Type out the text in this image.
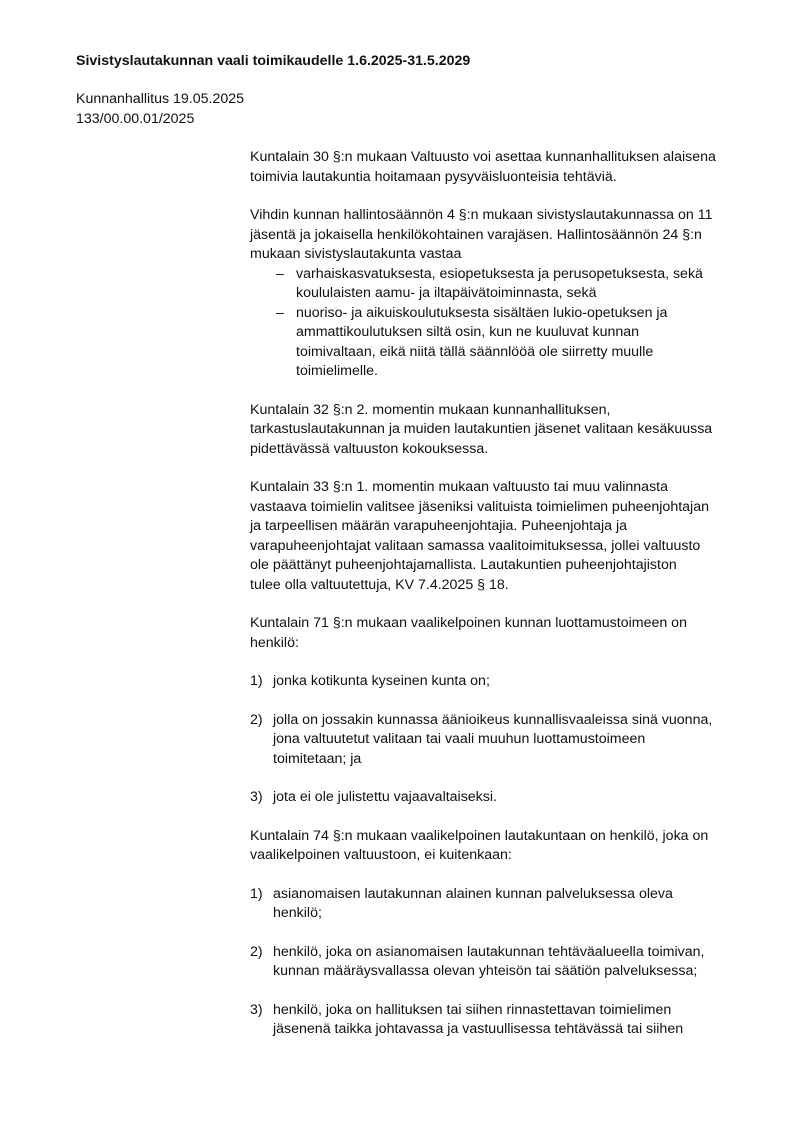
Sivistyslautakunnan vaali toimikaudelle 1.6.2025-31.5.2029
Kunnanhallitus 19.05.2025
133/00.00.01/2025
Kuntalain 30 §:n mukaan Valtuusto voi asettaa kunnanhallituksen alaisena
toimivia lautakuntia hoitamaan pysyväisluonteisia tehtäviä.
Vihdin kunnan hallintosäännön 4 §:n mukaan sivistyslautakunnassa on 11
jäsentä ja jokaisella henkilökohtainen varajäsen. Hallintosäännön 24 §:n
mukaan sivistyslautakunta vastaa
– varhaiskasvatuksesta, esiopetuksesta ja perusopetuksesta, sekä
koululaisten aamu- ja iltapäivätoiminnasta, sekä
– nuoriso- ja aikuiskoulutuksesta sisältäen lukio-opetuksen ja
ammattikoulutuksen siltä osin, kun ne kuuluvat kunnan
toimivaltaan, eikä niitä tällä säännlööä ole siirretty muulle
toimielimelle.
Kuntalain 32 §:n 2. momentin mukaan kunnanhallituksen,
tarkastuslautakunnan ja muiden lautakuntien jäsenet valitaan kesäkuussa
pidettävässä valtuuston kokouksessa.
Kuntalain 33 §:n 1. momentin mukaan valtuusto tai muu valinnasta
vastaava toimielin valitsee jäseniksi valituista toimielimen puheenjohtajan
ja tarpeellisen määrän varapuheenjohtajia. Puheenjohtaja ja
varapuheenjohtajat valitaan samassa vaalitoimituksessa, jollei valtuusto
ole päättänyt puheenjohtajamallista. Lautakuntien puheenjohtajiston
tulee olla valtuutettuja, KV 7.4.2025 § 18.
Kuntalain 71 §:n mukaan vaalikelpoinen kunnan luottamustoimeen on
henkilö:
1) jonka kotikunta kyseinen kunta on;
2) jolla on jossakin kunnassa äänioikeus kunnallisvaaleissa sinä vuonna,
jona valtuutetut valitaan tai vaali muuhun luottamustoimeen
toimitetaan; ja
3) jota ei ole julistettu vajaavaltaiseksi.
Kuntalain 74 §:n mukaan vaalikelpoinen lautakuntaan on henkilö, joka on
vaalikelpoinen valtuustoon, ei kuitenkaan:
1) asianomaisen lautakunnan alainen kunnan palveluksessa oleva
henkilö;
2) henkilö, joka on asianomaisen lautakunnan tehtäväalueella toimivan,
kunnan määräysvallassa olevan yhteisön tai säätiön palveluksessa;
3) henkilö, joka on hallituksen tai siihen rinnastettavan toimielimen
jäsenenä taikka johtavassa ja vastuullisessa tehtävässä tai siihen
